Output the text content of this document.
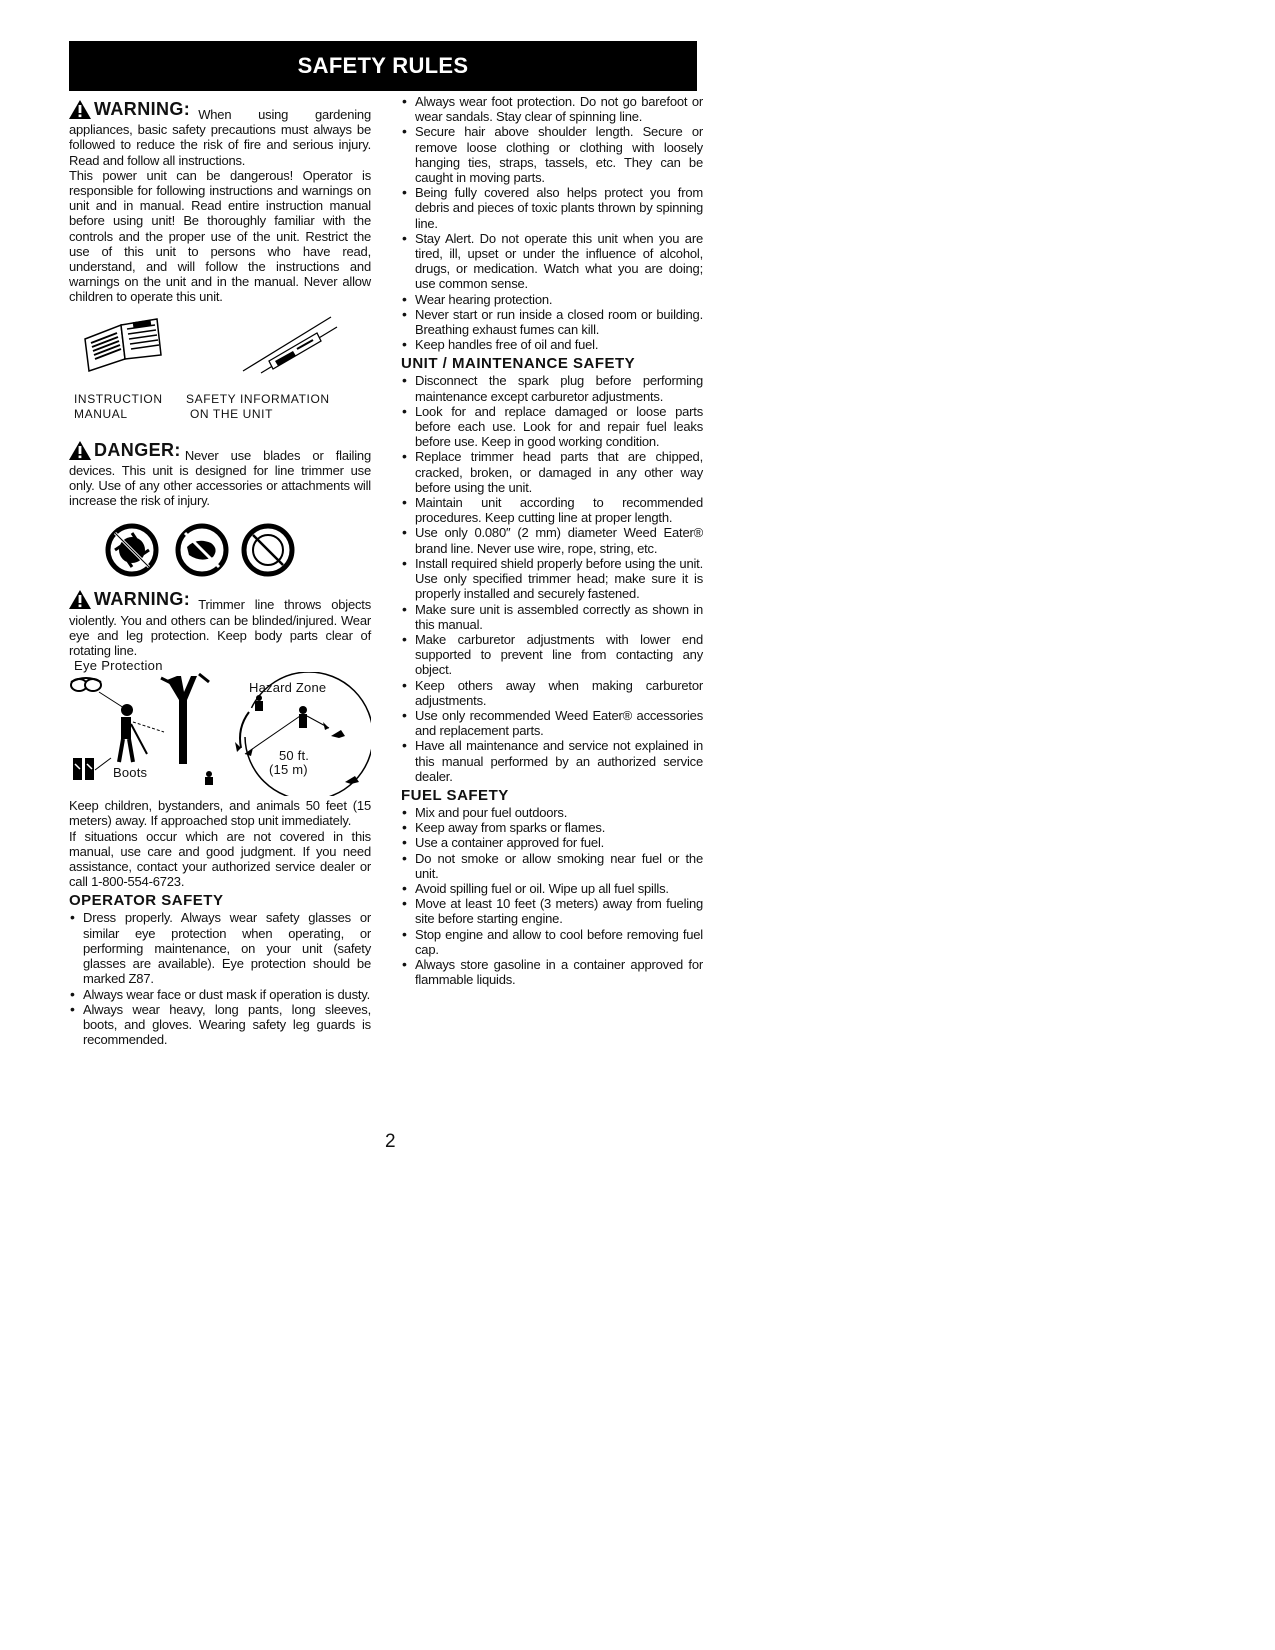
SAFETY RULES

WARNING: When using gardening appliances, basic safety precautions must always be followed to reduce the risk of fire and serious injury. Read and follow all instructions.

This power unit can be dangerous! Operator is responsible for following instructions and warnings on unit and in manual. Read entire instruction manual before using unit! Be thoroughly familiar with the controls and the proper use of the unit. Restrict the use of this unit to persons who have read, understand, and will follow the instructions and warnings on the unit and in the manual. Never allow children to operate this unit.

INSTRUCTION
MANUAL
SAFETY INFORMATION
ON THE UNIT

DANGER: Never use blades or flailing devices. This unit is designed for line trimmer use only. Use of any other accessories or attachments will increase the risk of injury.

WARNING: Trimmer line throws objects violently. You and others can be blinded/injured. Wear eye and leg protection. Keep body parts clear of rotating line.

Eye Protection
Hazard Zone
50 ft.
(15 m)
Boots

Keep children, bystanders, and animals 50 feet (15 meters) away. If approached stop unit immediately.

If situations occur which are not covered in this manual, use care and good judgment. If you need assistance, contact your authorized service dealer or call 1-800-554-6723.

OPERATOR SAFETY
• Dress properly. Always wear safety glasses or similar eye protection when operating, or performing maintenance, on your unit (safety glasses are available). Eye protection should be marked Z87.
• Always wear face or dust mask if operation is dusty.
• Always wear heavy, long pants, long sleeves, boots, and gloves. Wearing safety leg guards is recommended.
• Always wear foot protection. Do not go barefoot or wear sandals. Stay clear of spinning line.
• Secure hair above shoulder length. Secure or remove loose clothing or clothing with loosely hanging ties, straps, tassels, etc. They can be caught in moving parts.
• Being fully covered also helps protect you from debris and pieces of toxic plants thrown by spinning line.
• Stay Alert. Do not operate this unit when you are tired, ill, upset or under the influence of alcohol, drugs, or medication. Watch what you are doing; use common sense.
• Wear hearing protection.
• Never start or run inside a closed room or building. Breathing exhaust fumes can kill.
• Keep handles free of oil and fuel.
UNIT / MAINTENANCE SAFETY
• Disconnect the spark plug before performing maintenance except carburetor adjustments.
• Look for and replace damaged or loose parts before each use. Look for and repair fuel leaks before use. Keep in good working condition.
• Replace trimmer head parts that are chipped, cracked, broken, or damaged in any other way before using the unit.
• Maintain unit according to recommended procedures. Keep cutting line at proper length.
• Use only 0.080″ (2 mm) diameter Weed Eater® brand line. Never use wire, rope, string, etc.
• Install required shield properly before using the unit. Use only specified trimmer head; make sure it is properly installed and securely fastened.
• Make sure unit is assembled correctly as shown in this manual.
• Make carburetor adjustments with lower end supported to prevent line from contacting any object.
• Keep others away when making carburetor adjustments.
• Use only recommended Weed Eater® accessories and replacement parts.
• Have all maintenance and service not explained in this manual performed by an authorized service dealer.
FUEL SAFETY
• Mix and pour fuel outdoors.
• Keep away from sparks or flames.
• Use a container approved for fuel.
• Do not smoke or allow smoking near fuel or the unit.
• Avoid spilling fuel or oil. Wipe up all fuel spills.
• Move at least 10 feet (3 meters) away from fueling site before starting engine.
• Stop engine and allow to cool before removing fuel cap.
• Always store gasoline in a container approved for flammable liquids.
2
